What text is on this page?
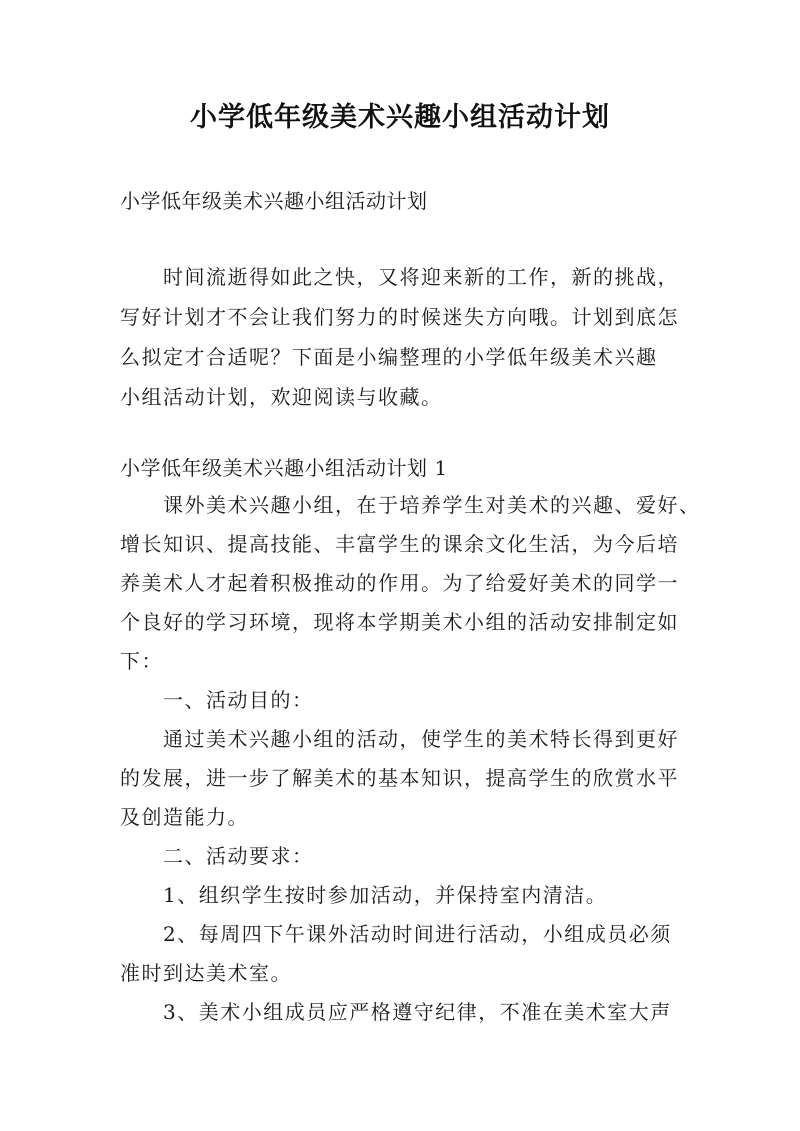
小学低年级美术兴趣小组活动计划
小学低年级美术兴趣小组活动计划
　　时间流逝得如此之快，又将迎来新的工作，新的挑战，
写好计划才不会让我们努力的时候迷失方向哦。计划到底怎
么拟定才合适呢？下面是小编整理的小学低年级美术兴趣
小组活动计划，欢迎阅读与收藏。
小学低年级美术兴趣小组活动计划 1
　　课外美术兴趣小组，在于培养学生对美术的兴趣、爱好、
增长知识、提高技能、丰富学生的课余文化生活，为今后培
养美术人才起着积极推动的作用。为了给爱好美术的同学一
个良好的学习环境，现将本学期美术小组的活动安排制定如
下：
　　一、活动目的：
　　通过美术兴趣小组的活动，使学生的美术特长得到更好
的发展，进一步了解美术的基本知识，提高学生的欣赏水平
及创造能力。
　　二、活动要求：
　　1、组织学生按时参加活动，并保持室内清洁。
　　2、每周四下午课外活动时间进行活动，小组成员必须
准时到达美术室。
　　3、美术小组成员应严格遵守纪律，不准在美术室大声
